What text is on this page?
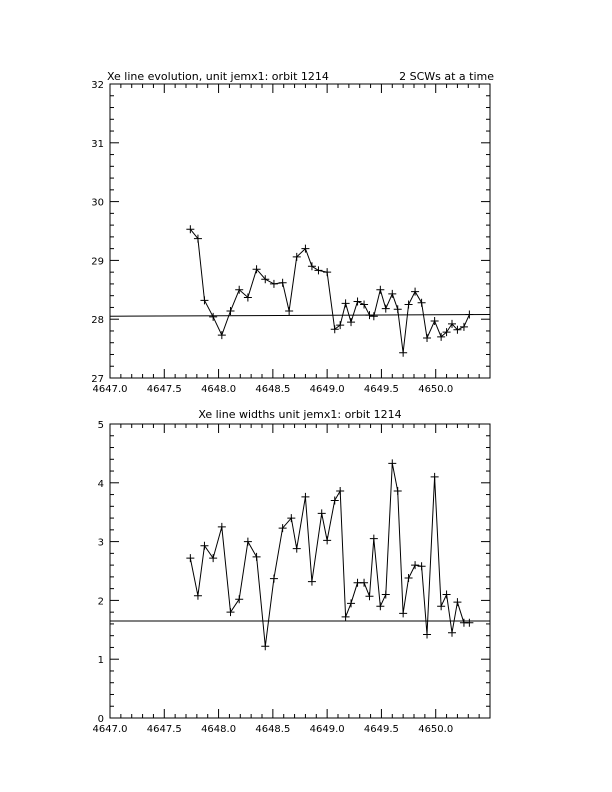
Xe line evolution, unit jemx1: orbit 1214	2 SCWs at a time
4647.0 4647.5 4648.0 4648.5 4649.0 4649.5 4650.0
27
28
29
30
31
32
Xe line widths unit jemx1: orbit 1214
4647.0 4647.5 4648.0 4648.5 4649.0 4649.5 4650.0
0
1
2
3
4
5
